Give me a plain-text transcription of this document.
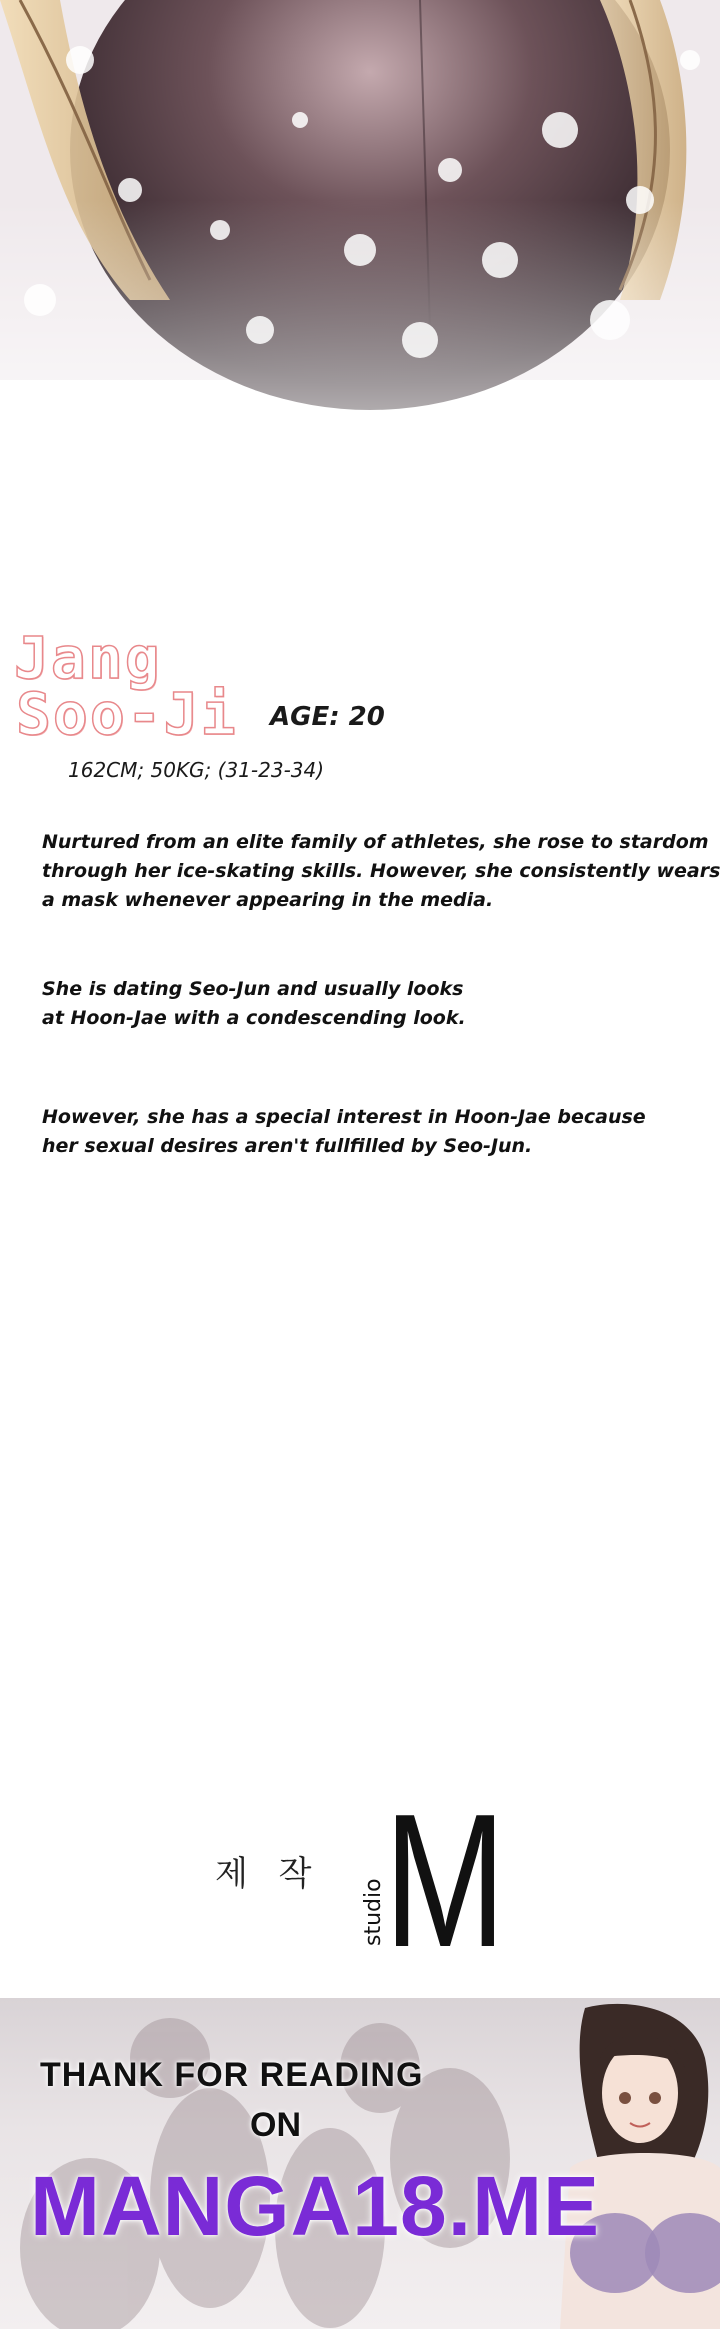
Jang
Soo-Ji AGE: 20
162CM; 50KG; (31-23-34)

Nurtured from an elite family of athletes, she rose to stardom
through her ice-skating skills. However, she consistently wears
a mask whenever appearing in the media.

She is dating Seo-Jun and usually looks
at Hoon-Jae with a condescending look.

However, she has a special interest in Hoon-Jae because
her sexual desires aren't fullfilled by Seo-Jun.

제 작
studio
M
THANK FOR READING
ON
MANGA18.ME
